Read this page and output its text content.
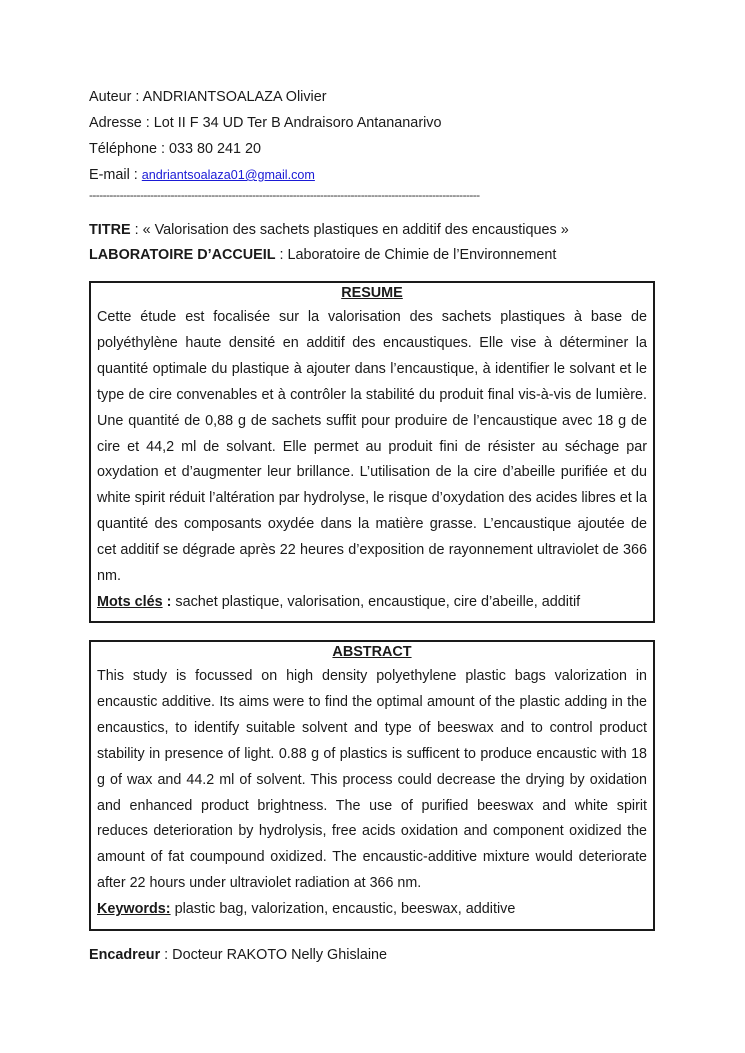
Auteur : ANDRIANTSOALAZA Olivier
Adresse : Lot II F 34 UD Ter B Andraisoro Antananarivo
Téléphone : 033 80 241 20
E-mail : andriantsoalaza01@gmail.com
-------------------------------------------------------------------------------------------------------------------
TITRE : « Valorisation des sachets plastiques en additif des encaustiques »
LABORATOIRE D’ACCUEIL : Laboratoire de Chimie de l’Environnement
RESUME

Cette étude est focalisée sur la valorisation des sachets plastiques à base de polyéthylène haute densité en additif des encaustiques. Elle vise à déterminer la quantité optimale du plastique à ajouter dans l’encaustique, à identifier le solvant et le type de cire convenables et à contrôler la stabilité du produit final vis-à-vis de lumière. Une quantité de 0,88 g de sachets suffit pour produire de l’encaustique avec 18 g de cire et 44,2 ml de solvant. Elle permet au produit fini de résister au séchage par oxydation et d’augmenter leur brillance. L’utilisation de la cire d’abeille purifiée et du white spirit réduit l’altération par hydrolyse, le risque d’oxydation des acides libres et la quantité des composants oxydée dans la matière grasse. L’encaustique ajoutée de cet additif se dégrade après 22 heures d’exposition de rayonnement ultraviolet de 366 nm.

Mots clés : sachet plastique, valorisation, encaustique, cire d’abeille, additif
ABSTRACT

This study is focussed on high density polyethylene plastic bags valorization in encaustic additive. Its aims were to find the optimal amount of the plastic adding in the encaustics, to identify suitable solvent and type of beeswax and to control product stability in presence of light. 0.88 g of plastics is sufficent to produce encaustic with 18 g of wax and 44.2 ml of solvent. This process could decrease the drying by oxidation and enhanced product brightness. The use of purified beeswax and white spirit reduces deterioration by hydrolysis, free acids oxidation and component oxidized the amount of fat coumpound oxidized. The encaustic-additive mixture would deteriorate after 22 hours under ultraviolet radiation at 366 nm.

Keywords: plastic bag, valorization, encaustic, beeswax, additive
Encadreur : Docteur RAKOTO Nelly Ghislaine
